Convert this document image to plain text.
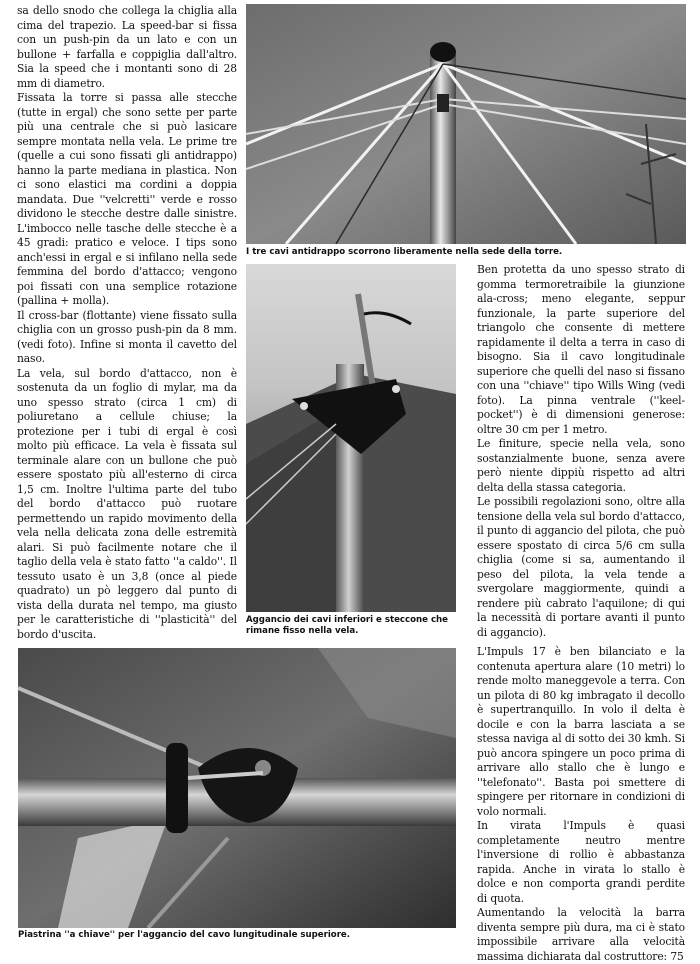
sa dello snodo che collega la chiglia alla cima del trapezio. La speed-bar si fissa con un push-pin da un lato e con un bullone + farfalla e coppiglia dall'altro. Sia la speed che i montanti sono di 28 mm di diametro.

Fissata la torre si passa alle stecche (tutte in ergal) che sono sette per parte più una centrale che si può lasicare sempre montata nella vela. Le prime tre (quelle a cui sono fissati gli antidrappo) hanno la parte mediana in plastica. Non ci sono elastici ma cordini a doppia mandata. Due ''velcretti'' verde e rosso dividono le stecche destre dalle sinistre. L'imbocco nelle tasche delle stecche è a 45 gradi: pratico e veloce. I tips sono anch'essi in ergal e si infilano nella sede femmina del bordo d'attacco; vengono poi fissati con una semplice rotazione (pallina + molla).

Il cross-bar (flottante) viene fissato sulla chiglia con un grosso push-pin da 8 mm. (vedi foto). Infine si monta il cavetto del naso.

La vela, sul bordo d'attacco, non è sostenuta da un foglio di mylar, ma da uno spesso strato (circa 1 cm) di poliuretano a cellule chiuse; la protezione per i tubi di ergal è così molto più efficace. La vela è fissata sul terminale alare con un bullone che può essere spostato più all'esterno di circa 1,5 cm. Inoltre l'ultima parte del tubo del bordo d'attacco può ruotare permettendo un rapido movimento della vela nella delicata zona delle estremità alari. Si può facilmente notare che il taglio della vela è stato fatto ''a caldo''. Il tessuto usato è un 3,8 (once al piede quadrato) un pò leggero dal punto di vista della durata nel tempo, ma giusto per le caratteristiche di ''plasticità'' del bordo d'uscita.

I tre cavi antidrappo scorrono liberamente nella sede della torre.

Ben protetta da uno spesso strato di gomma termoretraibile la giunzione ala-cross; meno elegante, seppur funzionale, la parte superiore del triangolo che consente di mettere rapidamente il delta a terra in caso di bisogno. Sia il cavo longitudinale superiore che quelli del naso si fissano con una ''chiave'' tipo Wills Wing (vedi foto). La pinna ventrale (''keel-pocket'') è di dimensioni generose: oltre 30 cm per 1 metro.

Le finiture, specie nella vela, sono sostanzialmente buone, senza avere però niente dippiù rispetto ad altri delta della stassa categoria.

Le possibili regolazioni sono, oltre alla tensione della vela sul bordo d'attacco, il punto di aggancio del pilota, che può essere spostato di circa 5/6 cm sulla chiglia (come si sa, aumentando il peso del pilota, la vela tende a svergolare maggiormente, quindi a rendere più cabrato l'aquilone; di qui la necessità di portare avanti il punto di aggancio).

Aggancio dei cavi inferiori e steccone che rimane fisso nella vela.
Piastrina ''a chiave'' per l'aggancio del cavo lungitudinale superiore.

L'Impuls 17 è ben bilanciato e la contenuta apertura alare (10 metri) lo rende molto maneggevole a terra. Con un pilota di 80 kg imbragato il decollo è supertranquillo. In volo il delta è docile e con la barra lasciata a se stessa naviga al di sotto dei 30 kmh. Si può ancora spingere un poco prima di arrivare allo stallo che è lungo e ''telefonato''. Basta poi smettere di spingere per ritornare in condizioni di volo normali.

In virata l'Impuls è quasi completamente neutro mentre l'inversione di rollio è abbastanza rapida. Anche in virata lo stallo è dolce e non comporta grandi perdite di quota.

Aumentando la velocità la barra diventa sempre più dura, ma ci è stato impossibile arrivare alla velocità massima dichiarata dal costruttore: 75
